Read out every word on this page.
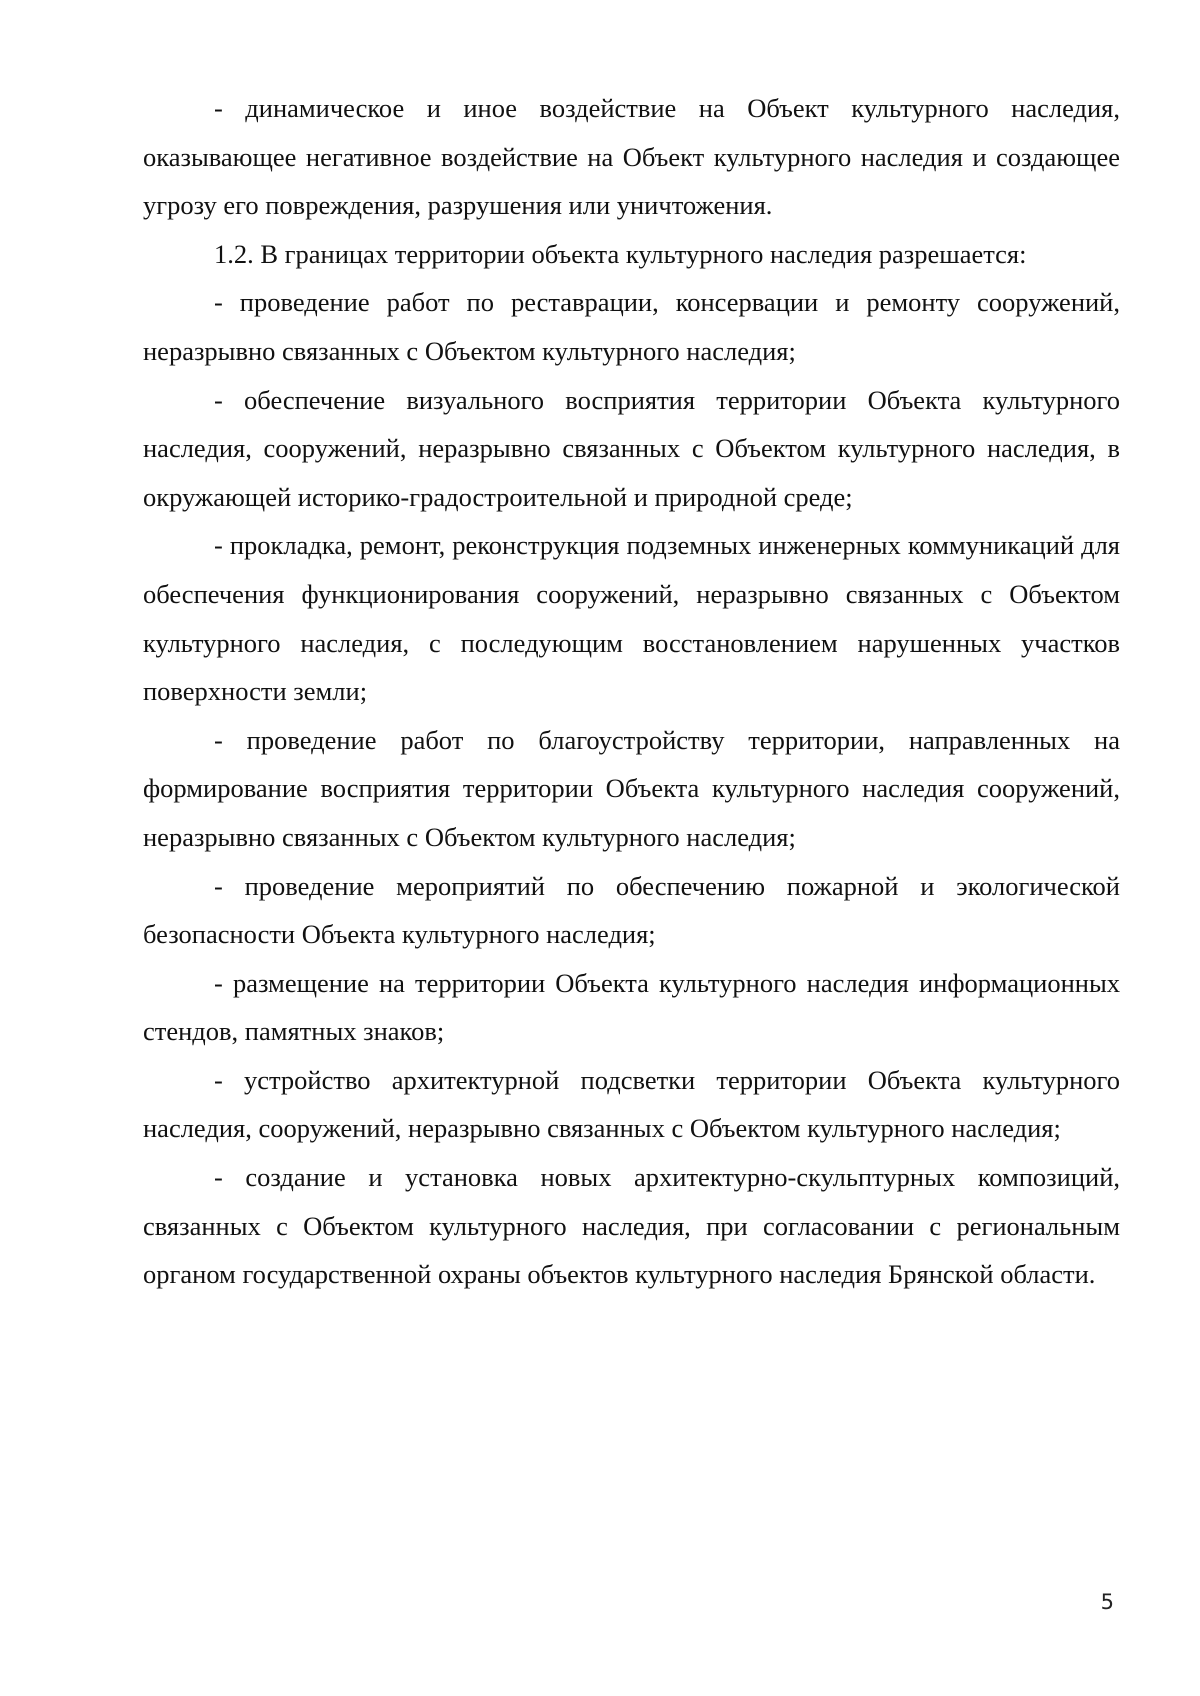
- динамическое и иное воздействие на Объект культурного наследия, оказывающее негативное воздействие на Объект культурного наследия и создающее угрозу его повреждения, разрушения или уничтожения.

1.2. В границах территории объекта культурного наследия разрешается:

- проведение работ по реставрации, консервации и ремонту сооружений, неразрывно связанных с Объектом культурного наследия;

- обеспечение визуального восприятия территории Объекта культурного наследия, сооружений, неразрывно связанных с Объектом культурного наследия, в окружающей историко-градостроительной и природной среде;

- прокладка, ремонт, реконструкция подземных инженерных коммуникаций для обеспечения функционирования сооружений, неразрывно связанных с Объектом культурного наследия, с последующим восстановлением нарушенных участков поверхности земли;

- проведение работ по благоустройству территории, направленных на формирование восприятия территории Объекта культурного наследия сооружений, неразрывно связанных с Объектом культурного наследия;

- проведение мероприятий по обеспечению пожарной и экологической безопасности Объекта культурного наследия;

- размещение на территории Объекта культурного наследия информационных стендов, памятных знаков;

- устройство архитектурной подсветки территории Объекта культурного наследия, сооружений, неразрывно связанных с Объектом культурного наследия;

- создание и установка новых архитектурно-скульптурных композиций, связанных с Объектом культурного наследия, при согласовании с региональным органом государственной охраны объектов культурного наследия Брянской области.

5
